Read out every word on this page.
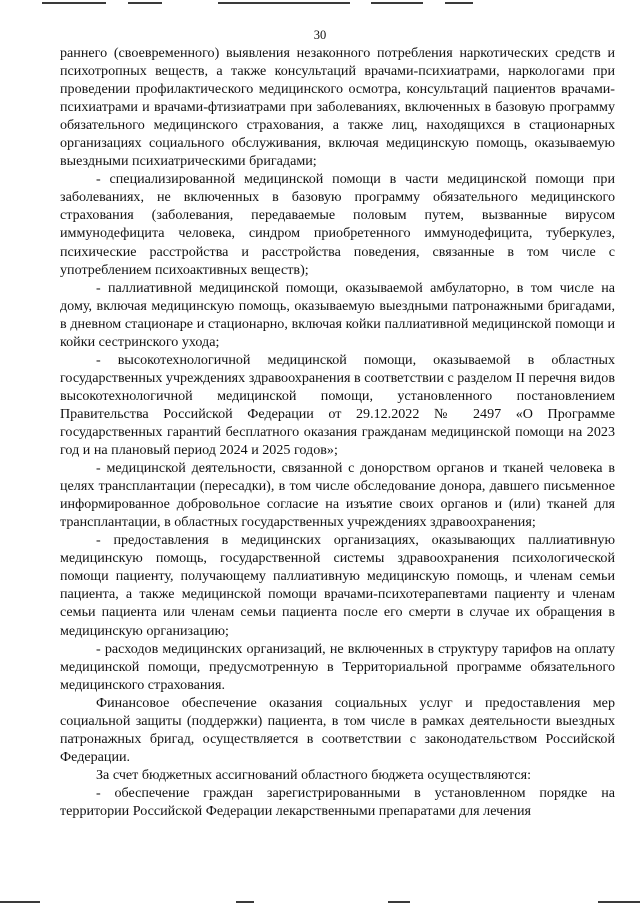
30

раннего (своевременного) выявления незаконного потребления наркотических средств и психотропных веществ, а также консультаций врачами-психиатрами, наркологами при проведении профилактического медицинского осмотра, консультаций пациентов врачами-психиатрами и врачами-фтизиатрами при заболеваниях, включенных в базовую программу обязательного медицинского страхования, а также лиц, находящихся в стационарных организациях социального обслуживания, включая медицинскую помощь, оказываемую выездными психиатрическими бригадами;

- специализированной медицинской помощи в части медицинской помощи при заболеваниях, не включенных в базовую программу обязательного медицинского страхования (заболевания, передаваемые половым путем, вызванные вирусом иммунодефицита человека, синдром приобретенного иммунодефицита, туберкулез, психические расстройства и расстройства поведения, связанные в том числе с употреблением психоактивных веществ);

- паллиативной медицинской помощи, оказываемой амбулаторно, в том числе на дому, включая медицинскую помощь, оказываемую выездными патронажными бригадами, в дневном стационаре и стационарно, включая койки паллиативной медицинской помощи и койки сестринского ухода;

- высокотехнологичной медицинской помощи, оказываемой в областных государственных учреждениях здравоохранения в соответствии с разделом II перечня видов высокотехнологичной медицинской помощи, установленного постановлением Правительства Российской Федерации от 29.12.2022 № 2497 «О Программе государственных гарантий бесплатного оказания гражданам медицинской помощи на 2023 год и на плановый период 2024 и 2025 годов»;

- медицинской деятельности, связанной с донорством органов и тканей человека в целях трансплантации (пересадки), в том числе обследование донора, давшего письменное информированное добровольное согласие на изъятие своих органов и (или) тканей для трансплантации, в областных государственных учреждениях здравоохранения;

- предоставления в медицинских организациях, оказывающих паллиативную медицинскую помощь, государственной системы здравоохранения психологической помощи пациенту, получающему паллиативную медицинскую помощь, и членам семьи пациента, а также медицинской помощи врачами-психотерапевтами пациенту и членам семьи пациента или членам семьи пациента после его смерти в случае их обращения в медицинскую организацию;

- расходов медицинских организаций, не включенных в структуру тарифов на оплату медицинской помощи, предусмотренную в Территориальной программе обязательного медицинского страхования.

Финансовое обеспечение оказания социальных услуг и предоставления мер социальной защиты (поддержки) пациента, в том числе в рамках деятельности выездных патронажных бригад, осуществляется в соответствии с законодательством Российской Федерации.

За счет бюджетных ассигнований областного бюджета осуществляются:

- обеспечение граждан зарегистрированными в установленном порядке на территории Российской Федерации лекарственными препаратами для лечения
